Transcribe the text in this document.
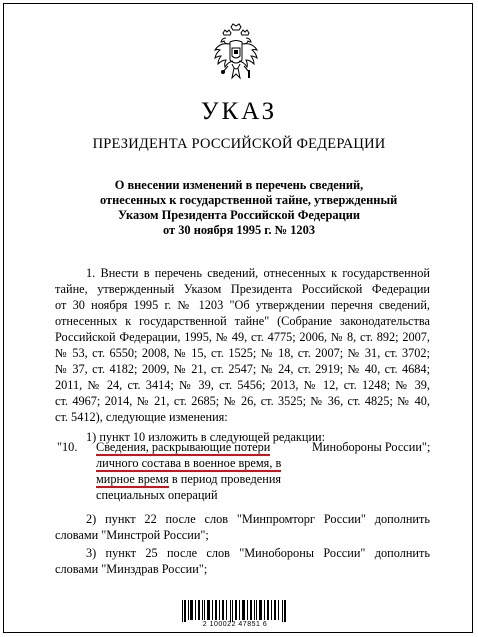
УКАЗ
ПРЕЗИДЕНТА РОССИЙСКОЙ ФЕДЕРАЦИИ
О внесении изменений в перечень сведений,
отнесенных к государственной тайне, утвержденный
Указом Президента Российской Федерации
от 30 ноября 1995 г. № 1203
1. Внести в перечень сведений, отнесенных к государственной
тайне, утвержденный Указом Президента Российской Федерации
от 30 ноября 1995 г. № 1203 "Об утверждении перечня сведений,
отнесенных к государственной тайне" (Собрание законодательства
Российской Федерации, 1995, № 49, ст. 4775; 2006, № 8, ст. 892; 2007,
№ 53, ст. 6550; 2008, № 15, ст. 1525; № 18, ст. 2007; № 31, ст. 3702;
№ 37, ст. 4182; 2009, № 21, ст. 2547; № 24, ст. 2919; № 40, ст. 4684;
2011, № 24, ст. 3414; № 39, ст. 5456; 2013, № 12, ст. 1248; № 39,
ст. 4967; 2014, № 21, ст. 2685; № 26, ст. 3525; № 36, ст. 4825; № 40,
ст. 5412), следующие изменения:
1) пункт 10 изложить в следующей редакции:
"10. Сведения, раскрывающие потери	Минобороны России";
личного состава в военное время, в
мирное время в период проведения
специальных операций
2) пункт 22 после слов "Минпромторг России" дополнить
словами "Минстрой России";
3) пункт 25 после слов "Минобороны России" дополнить
словами "Минздрав России";
2 100022 47851 6
